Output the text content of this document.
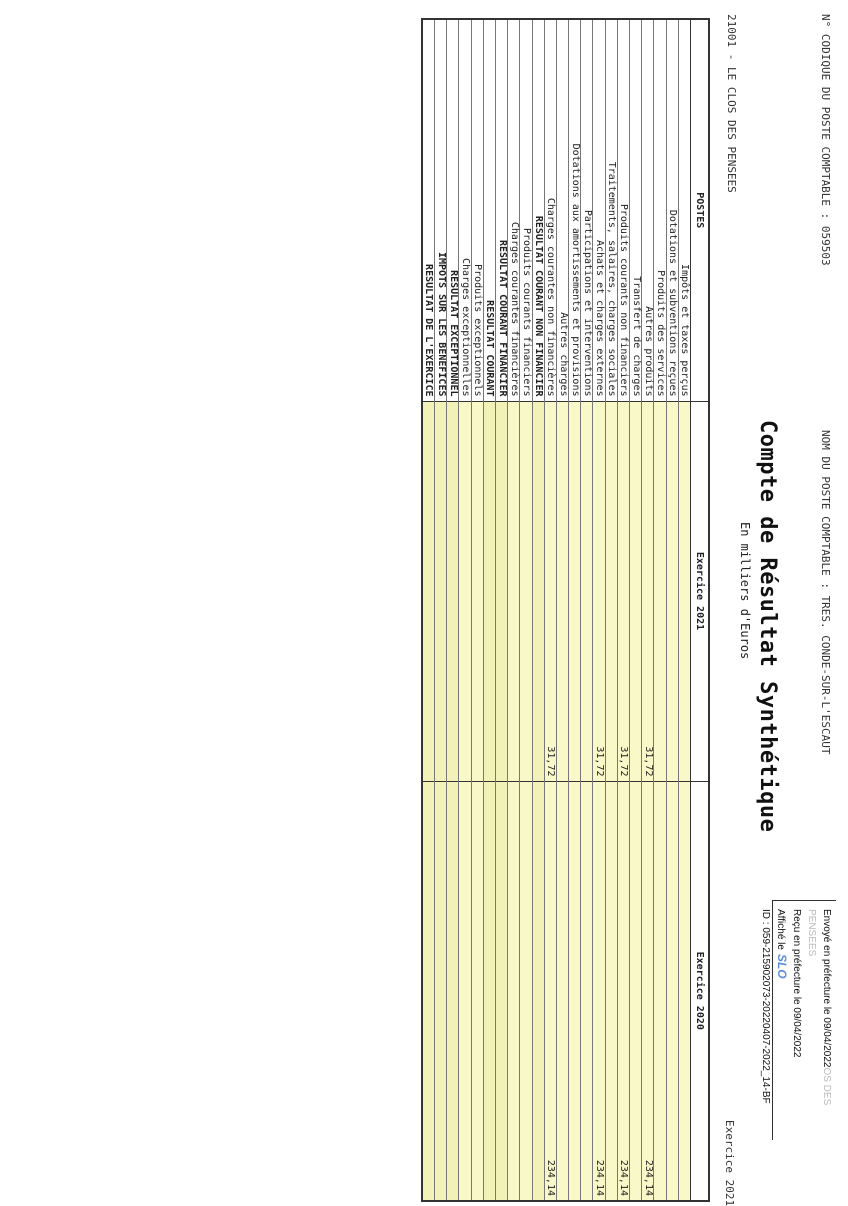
N° CODIQUE DU POSTE COMPTABLE : 059503
NOM DU POSTE COMPTABLE : TRES. CONDE-SUR-L'ESCAUT
21001 - LE CLOS DES PENSEES
Exercice 2021
Compte de Résultat Synthétique
En milliers d'Euros
Envoyé en préfecture le 09/04/2022OS DES PENSEES
Reçu en préfecture le 09/04/2022
Affiché leSLO
ID : 059-215902073-20220407-2022_14-BF
POSTES	Exercice 2021	Exercice 2020
Impôts et taxes perçus		
Dotations et subventions reçues		
Produits des services		
Autres produits	31,72	234,14
Transfert de charges		
Produits courants non financiers	31,72	234,14
Traitements, salaires, charges sociales		
Achats et charges externes	31,72	234,14
Participations et interventions		
Dotations aux amortissements et provisions		
Autres charges		
Charges courantes non financières	31,72	234,14
RESULTAT COURANT NON FINANCIER		
Produits courants financiers		
Charges courantes financières		
RESULTAT COURANT FINANCIER		
RESULTAT COURANT		
Produits exceptionnels		
Charges exceptionnelles		
RESULTAT EXCEPTIONNEL		
IMPOTS SUR LES BENEFICES		
RESULTAT DE L'EXERCICE		
